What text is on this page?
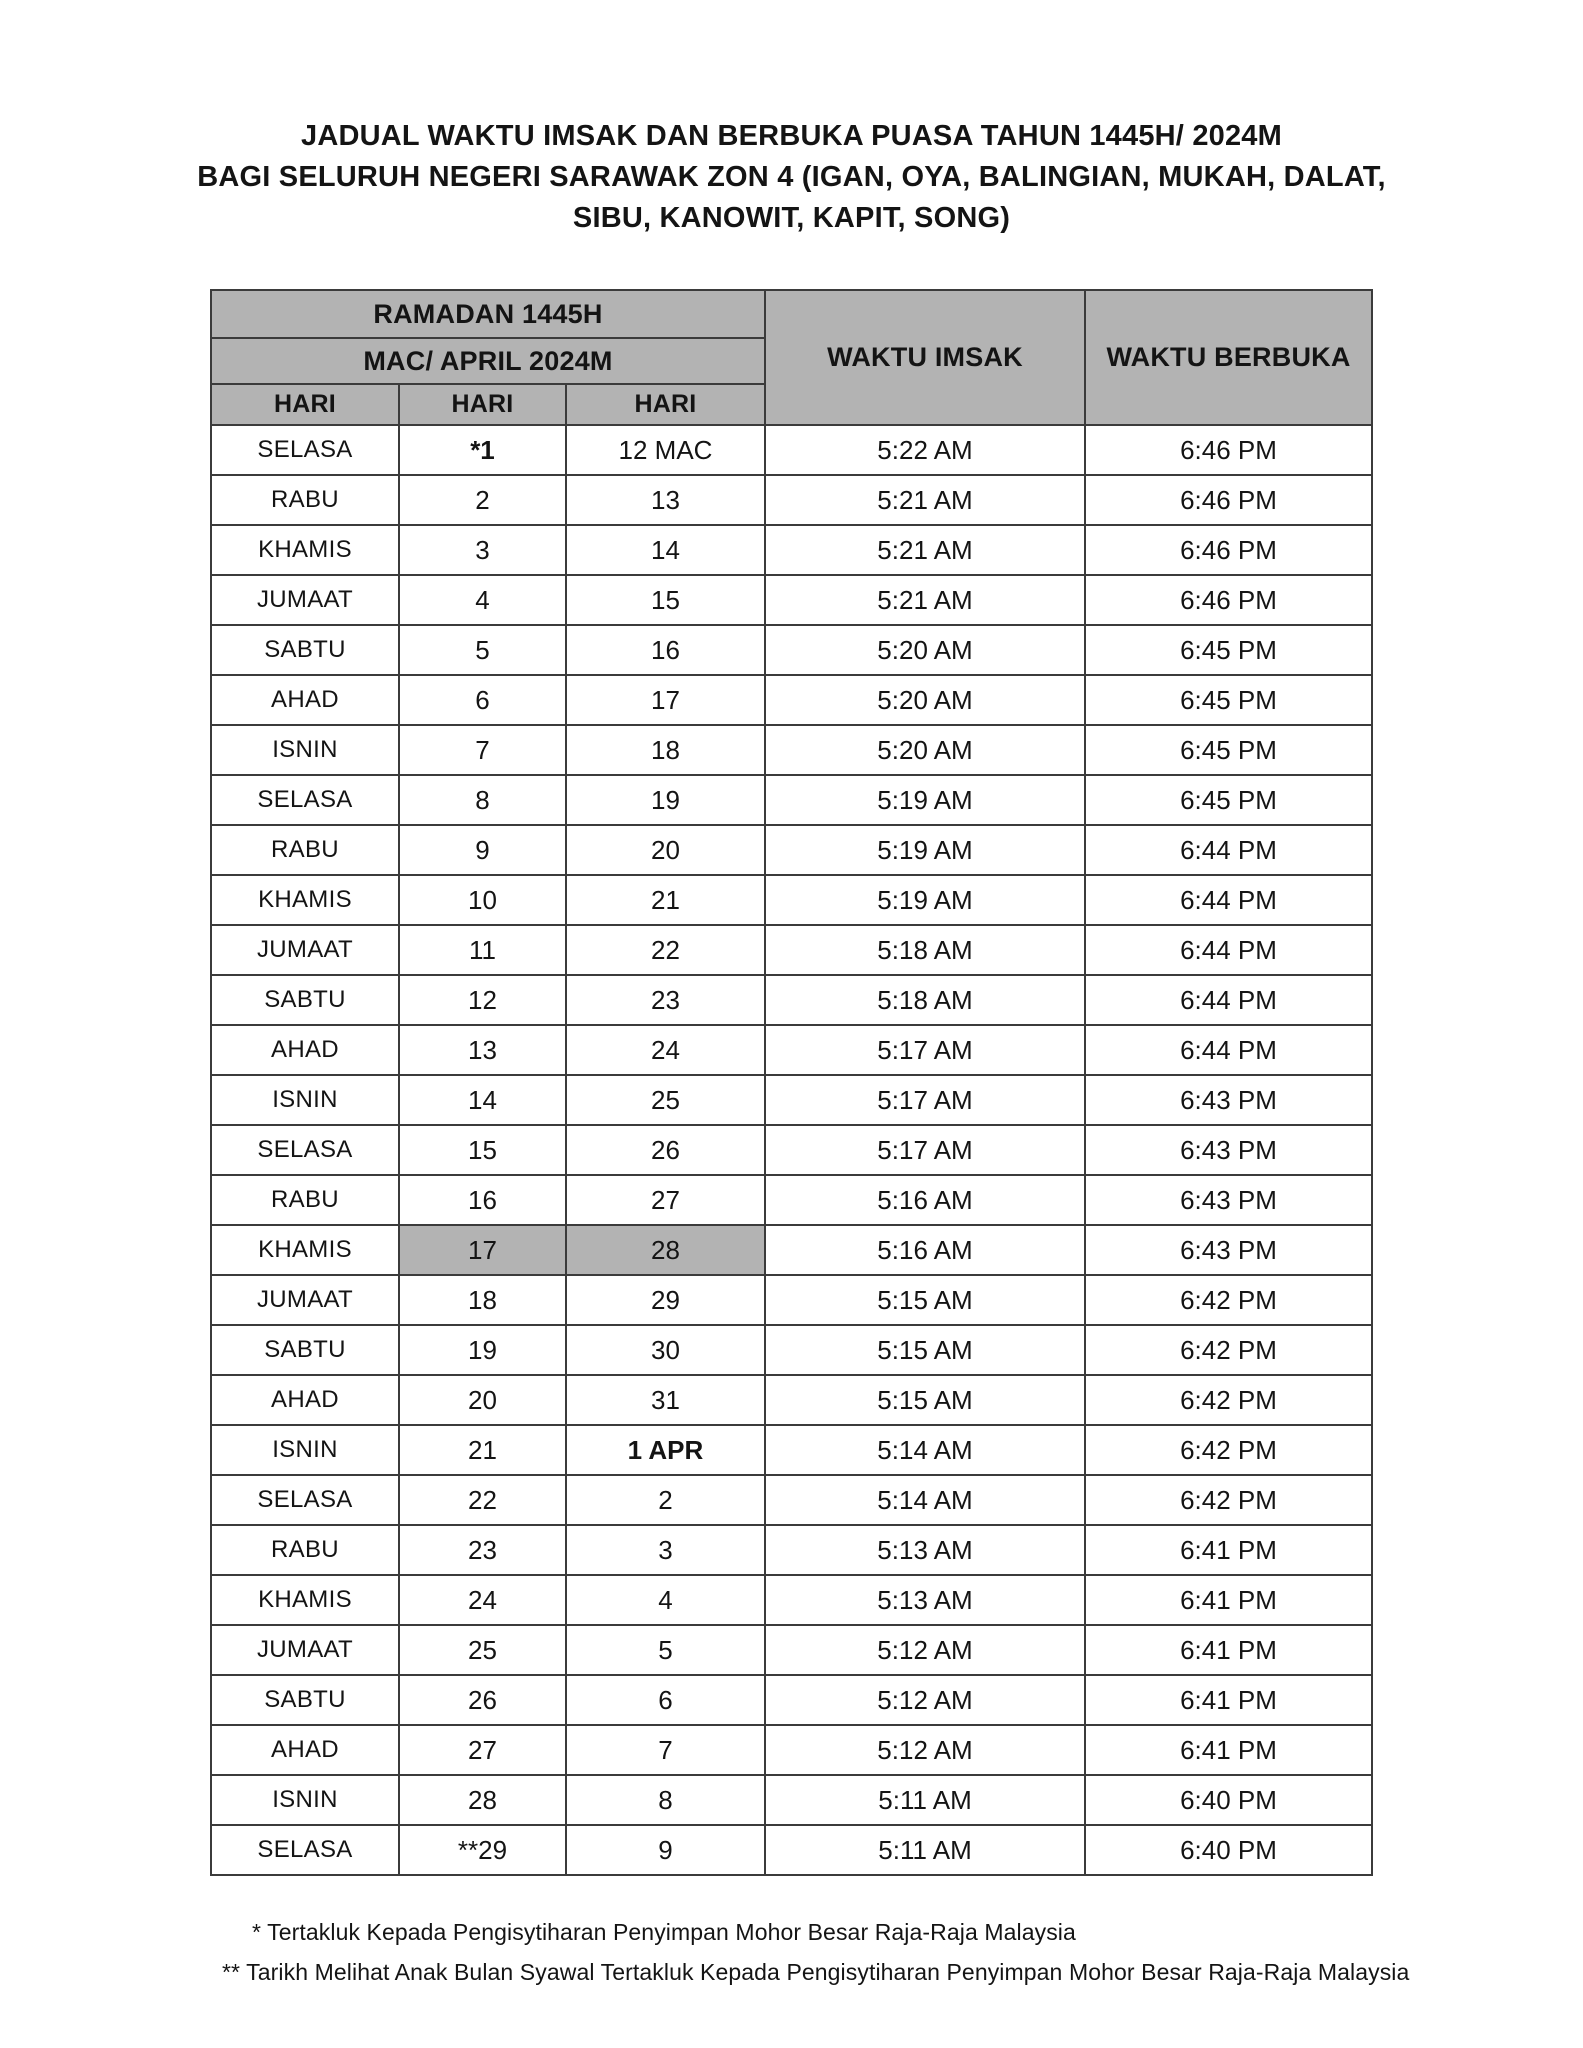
JADUAL WAKTU IMSAK DAN BERBUKA PUASA TAHUN 1445H/ 2024M
BAGI SELURUH NEGERI SARAWAK ZON 4 (IGAN, OYA, BALINGIAN, MUKAH, DALAT,
SIBU, KANOWIT, KAPIT, SONG)
RAMADAN 1445H			WAKTU IMSAK	WAKTU BERBUKA
MAC/ APRIL 2024M				
HARI	HARI	HARI		
SELASA	*1	12 MAC	5:22 AM	6:46 PM
RABU	2	13	5:21 AM	6:46 PM
KHAMIS	3	14	5:21 AM	6:46 PM
JUMAAT	4	15	5:21 AM	6:46 PM
SABTU	5	16	5:20 AM	6:45 PM
AHAD	6	17	5:20 AM	6:45 PM
ISNIN	7	18	5:20 AM	6:45 PM
SELASA	8	19	5:19 AM	6:45 PM
RABU	9	20	5:19 AM	6:44 PM
KHAMIS	10	21	5:19 AM	6:44 PM
JUMAAT	11	22	5:18 AM	6:44 PM
SABTU	12	23	5:18 AM	6:44 PM
AHAD	13	24	5:17 AM	6:44 PM
ISNIN	14	25	5:17 AM	6:43 PM
SELASA	15	26	5:17 AM	6:43 PM
RABU	16	27	5:16 AM	6:43 PM
KHAMIS	17	28	5:16 AM	6:43 PM
JUMAAT	18	29	5:15 AM	6:42 PM
SABTU	19	30	5:15 AM	6:42 PM
AHAD	20	31	5:15 AM	6:42 PM
ISNIN	21	1 APR	5:14 AM	6:42 PM
SELASA	22	2	5:14 AM	6:42 PM
RABU	23	3	5:13 AM	6:41 PM
KHAMIS	24	4	5:13 AM	6:41 PM
JUMAAT	25	5	5:12 AM	6:41 PM
SABTU	26	6	5:12 AM	6:41 PM
AHAD	27	7	5:12 AM	6:41 PM
ISNIN	28	8	5:11 AM	6:40 PM
SELASA	**29	9	5:11 AM	6:40 PM
* Tertakluk Kepada Pengisytiharan Penyimpan Mohor Besar Raja-Raja Malaysia
** Tarikh Melihat Anak Bulan Syawal Tertakluk Kepada Pengisytiharan Penyimpan Mohor Besar Raja-Raja Malaysia
